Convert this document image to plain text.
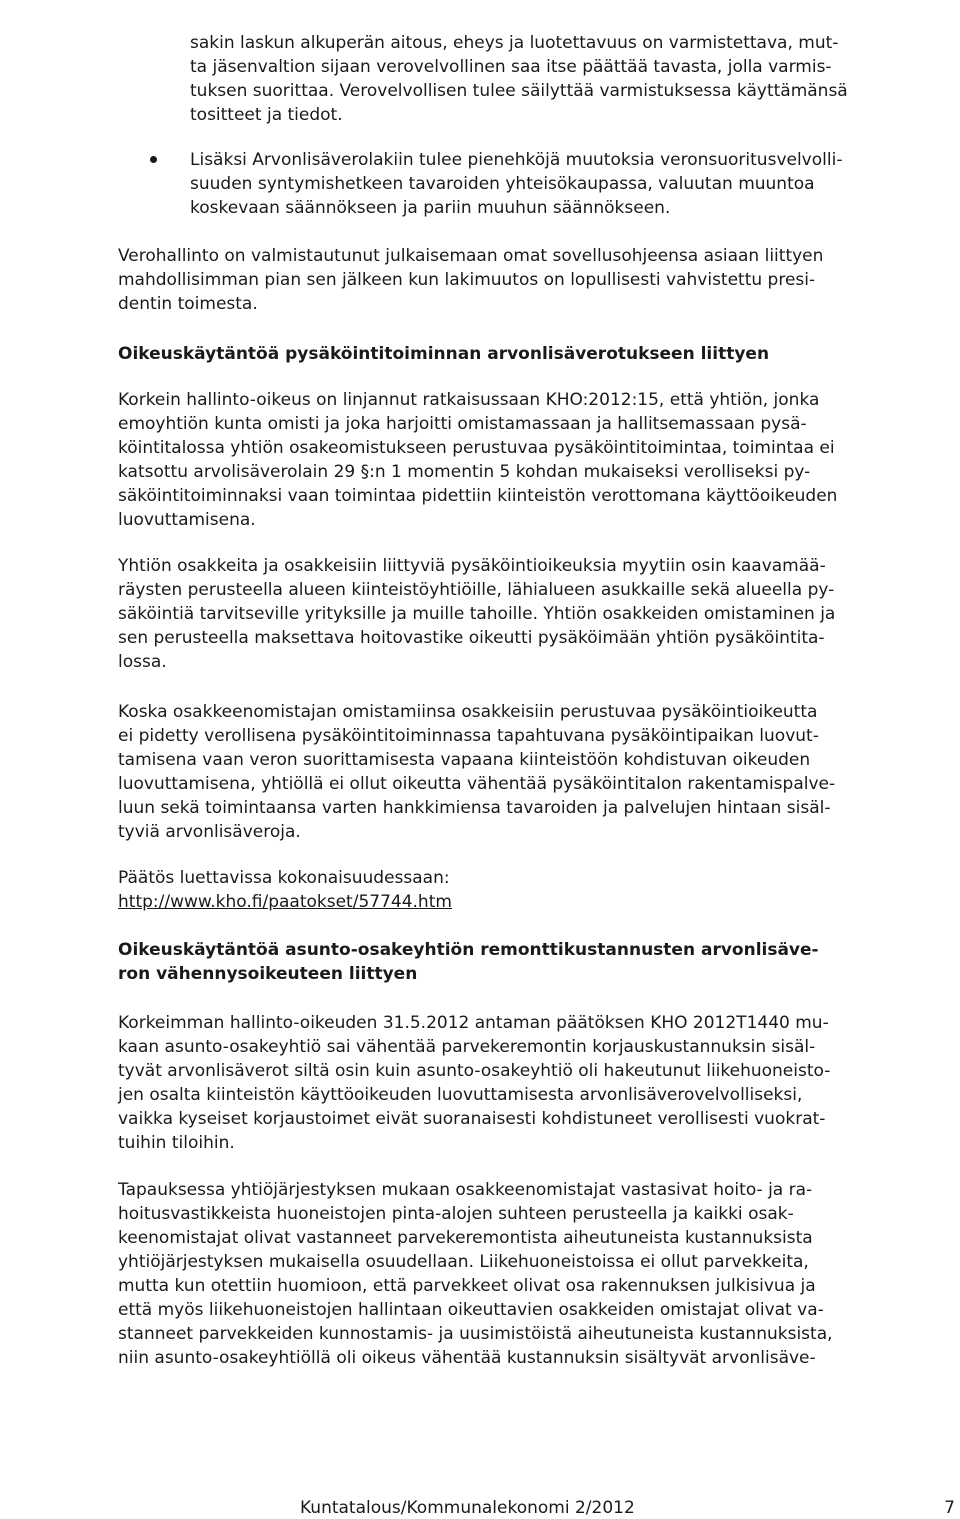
sakin laskun alkuperän aitous, eheys ja luotettavuus on varmistettava, mut-
ta jäsenvaltion sijaan verovelvollinen saa itse päättää tavasta, jolla varmis-
tuksen suorittaa. Verovelvollisen tulee säilyttää varmistuksessa käyttämänsä
tositteet ja tiedot.
Lisäksi Arvonlisäverolakiin tulee pienehköjä muutoksia veronsuoritusvelvolli-
suuden syntymishetkeen tavaroiden yhteisökaupassa, valuutan muuntoa
koskevaan säännökseen ja pariin muuhun säännökseen.
Verohallinto on valmistautunut julkaisemaan omat sovellusohjeensa asiaan liittyen
mahdollisimman pian sen jälkeen kun lakimuutos on lopullisesti vahvistettu presi-
dentin toimesta.
Oikeuskäytäntöä pysäköintitoiminnan arvonlisäverotukseen liittyen
Korkein hallinto-oikeus on linjannut ratkaisussaan KHO:2012:15, että yhtiön, jonka
emoyhtiön kunta omisti ja joka harjoitti omistamassaan ja hallitsemassaan pysä-
köintitalossa yhtiön osakeomistukseen perustuvaa pysäköintitoimintaa, toimintaa ei
katsottu arvolisäverolain 29 §:n 1 momentin 5 kohdan mukaiseksi verolliseksi py-
säköintitoiminnaksi vaan toimintaa pidettiin kiinteistön verottomana käyttöoikeuden
luovuttamisena.
Yhtiön osakkeita ja osakkeisiin liittyviä pysäköintioikeuksia myytiin osin kaavamää-
räysten perusteella alueen kiinteistöyhtiöille, lähialueen asukkaille sekä alueella py-
säköintiä tarvitseville yrityksille ja muille tahoille. Yhtiön osakkeiden omistaminen ja
sen perusteella maksettava hoitovastike oikeutti pysäköimään yhtiön pysäköintita-
lossa.
Koska osakkeenomistajan omistamiinsa osakkeisiin perustuvaa pysäköintioikeutta
ei pidetty verollisena pysäköintitoiminnassa tapahtuvana pysäköintipaikan luovut-
tamisena vaan veron suorittamisesta vapaana kiinteistöön kohdistuvan oikeuden
luovuttamisena, yhtiöllä ei ollut oikeutta vähentää pysäköintitalon rakentamispalve-
luun sekä toimintaansa varten hankkimiensa tavaroiden ja palvelujen hintaan sisäl-
tyviä arvonlisäveroja.
Päätös luettavissa kokonaisuudessaan:
http://www.kho.fi/paatokset/57744.htm
Oikeuskäytäntöä asunto-osakeyhtiön remonttikustannusten arvonlisäve-
ron vähennysoikeuteen liittyen
Korkeimman hallinto-oikeuden 31.5.2012 antaman päätöksen KHO 2012T1440 mu-
kaan asunto-osakeyhtiö sai vähentää parvekeremontin korjauskustannuksin sisäl-
tyvät arvonlisäverot siltä osin kuin asunto-osakeyhtiö oli hakeutunut liikehuoneisto-
jen osalta kiinteistön käyttöoikeuden luovuttamisesta arvonlisäverovelvolliseksi,
vaikka kyseiset korjaustoimet eivät suoranaisesti kohdistuneet verollisesti vuokrat-
tuihin tiloihin.
Tapauksessa yhtiöjärjestyksen mukaan osakkeenomistajat vastasivat hoito- ja ra-
hoitusvastikkeista huoneistojen pinta-alojen suhteen perusteella ja kaikki osak-
keenomistajat olivat vastanneet parvekeremontista aiheutuneista kustannuksista
yhtiöjärjestyksen mukaisella osuudellaan. Liikehuoneistoissa ei ollut parvekkeita,
mutta kun otettiin huomioon, että parvekkeet olivat osa rakennuksen julkisivua ja
että myös liikehuoneistojen hallintaan oikeuttavien osakkeiden omistajat olivat va-
stanneet parvekkeiden kunnostamis- ja uusimistöistä aiheutuneista kustannuksista,
niin asunto-osakeyhtiöllä oli oikeus vähentää kustannuksin sisältyvät arvonlisäve-
Kuntatalous/Kommunalekonomi 2/2012	7
